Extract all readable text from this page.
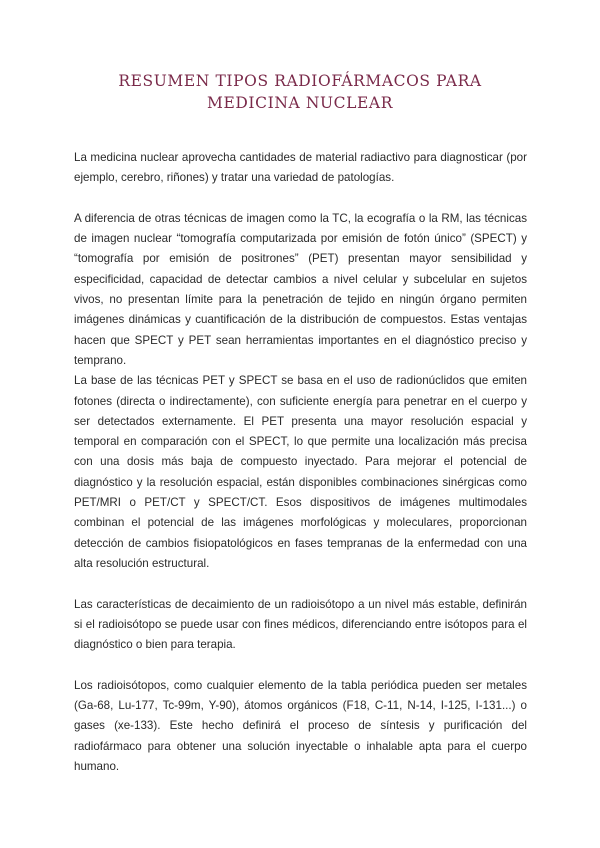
RESUMEN TIPOS RADIOFÁRMACOS PARA
MEDICINA NUCLEAR

La medicina nuclear aprovecha cantidades de material radiactivo para diagnosticar (por ejemplo, cerebro, riñones) y tratar una variedad de patologías.

A diferencia de otras técnicas de imagen como la TC, la ecografía o la RM, las técnicas de imagen nuclear “tomografía computarizada por emisión de fotón único” (SPECT) y “tomografía por emisión de positrones” (PET) presentan mayor sensibilidad y especificidad, capacidad de detectar cambios a nivel celular y subcelular en sujetos vivos, no presentan límite para la penetración de tejido en ningún órgano permiten imágenes dinámicas y cuantificación de la distribución de compuestos. Estas ventajas hacen que SPECT y PET sean herramientas importantes en el diagnóstico preciso y temprano.

La base de las técnicas PET y SPECT se basa en el uso de radionúclidos que emiten fotones (directa o indirectamente), con suficiente energía para penetrar en el cuerpo y ser detectados externamente. El PET presenta una mayor resolución espacial y temporal en comparación con el SPECT, lo que permite una localización más precisa con una dosis más baja de compuesto inyectado. Para mejorar el potencial de diagnóstico y la resolución espacial, están disponibles combinaciones sinérgicas como PET/MRI o PET/CT y SPECT/CT. Esos dispositivos de imágenes multimodales combinan el potencial de las imágenes morfológicas y moleculares, proporcionan detección de cambios fisiopatológicos en fases tempranas de la enfermedad con una alta resolución estructural.

Las características de decaimiento de un radioisótopo a un nivel más estable, definirán si el radioisótopo se puede usar con fines médicos, diferenciando entre isótopos para el diagnóstico o bien para terapia.

Los radioisótopos, como cualquier elemento de la tabla periódica pueden ser metales (Ga-68, Lu-177, Tc-99m, Y-90), átomos orgánicos (F18, C-11, N-14, I-125, I-131...) o gases (xe-133). Este hecho definirá el proceso de síntesis y purificación del radiofármaco para obtener una solución inyectable o inhalable apta para el cuerpo humano.
